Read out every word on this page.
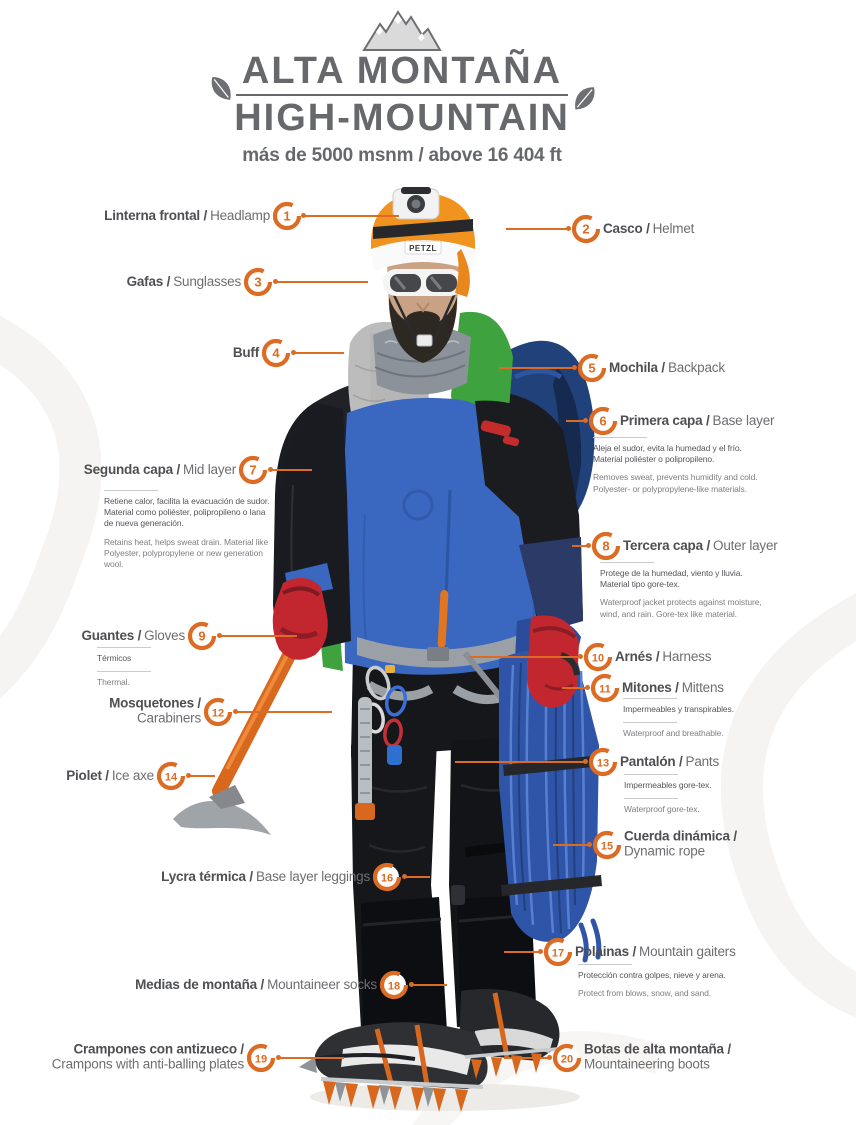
ALTA MONTAÑA
HIGH-MOUNTAIN

más de 5000 msnm / above 16 404 ft

PETZL
1
Linterna frontal / Headlamp
2 Casco / Helmet
3
Gafas / Sunglasses
4
Buff
5 Mochila / Backpack
6 Primera capa / Base layer

Aleja el sudor, evita la humedad y el frío. Material poliéster o polipropileno.

Removes sweat, prevents humidity and cold. Polyester- or polypropylene-like materials.

7
Segunda capa / Mid layer

Retiene calor, facilita la evacuación de sudor. Material como poliéster, polipropileno o lana de nueva generación.

Retains heat, helps sweat drain. Material like Polyester, polypropylene or new generation wool.

8 Tercera capa / Outer layer

Protege de la humedad, viento y lluvia. Material tipo gore-tex.

Waterproof jacket protects against moisture, wind, and rain. Gore-tex like material.

9
Guantes / Gloves

Térmicos

Thermal.

10 Arnés / Harness
11 Mitones / Mittens

Impermeables y transpirables.

Waterproof and breathable.

12
Mosquetones /
Carabiners
13 Pantalón / Pants

Impermeables gore-tex.

Waterproof gore-tex.

14
Piolet / Ice axe
15
Cuerda dinámica /
Dynamic rope
16
Lycra térmica / Base layer leggings
17 Polainas / Mountain gaiters

Protección contra golpes, nieve y arena.

Protect from blows, snow, and sand.

18
Medias de montaña / Mountaineer socks
19
Crampones con antizueco /
Crampons with anti-balling plates	20
Botas de alta montaña /
Mountaineering boots
